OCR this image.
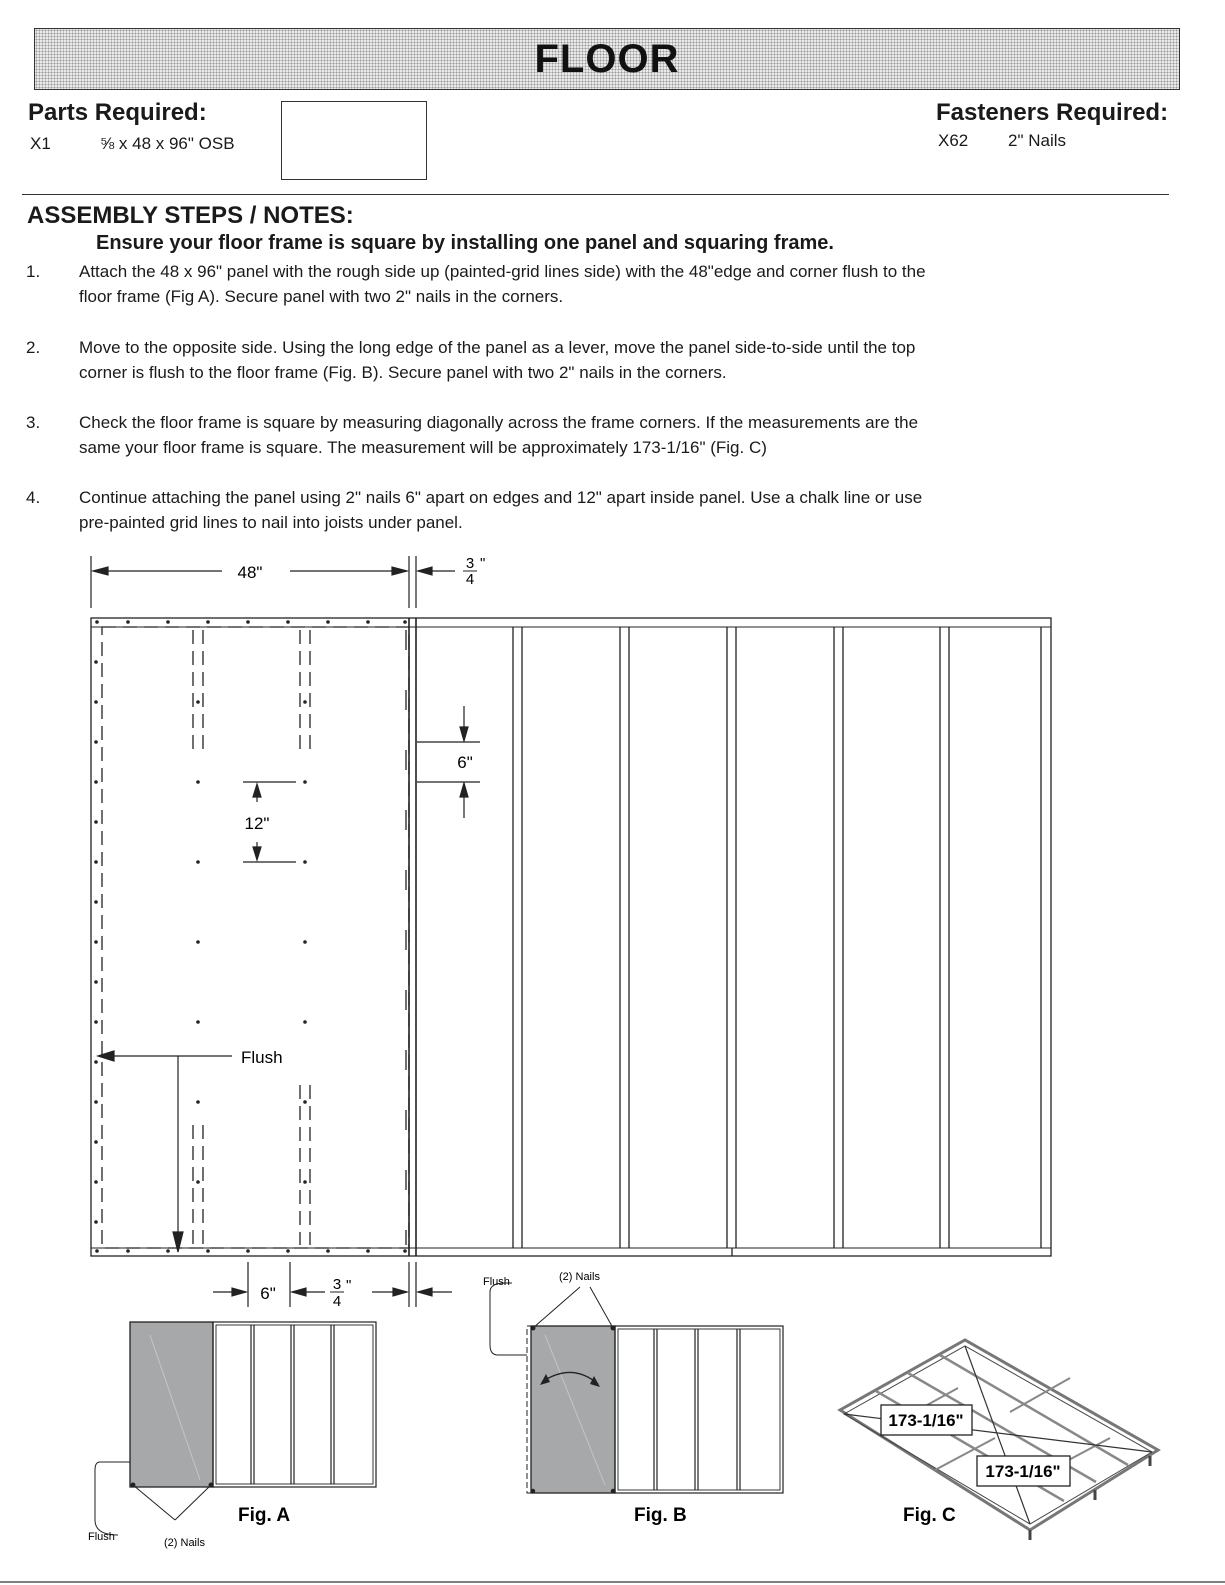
FLOOR
Parts Required:
X1	⅝ x 48 x 96" OSB
Fasteners Required:
X62 2" Nails
ASSEMBLY STEPS / NOTES:
Ensure your floor frame is square by installing one panel and squaring frame.
1. Attach the 48 x 96" panel with the rough side up (painted-grid lines side) with the 48"edge and corner flush to the
floor frame (Fig A). Secure panel with two 2" nails in the corners.
2. Move to the opposite side. Using the long edge of the panel as a lever, move the panel side-to-side until the top
corner is flush to the floor frame (Fig. B). Secure panel with two 2" nails in the corners.
3. Check the floor frame is square by measuring diagonally across the frame corners. If the measurements are the
same your floor frame is square. The measurement will be approximately 173-1/16" (Fig. C)
4. Continue attaching the panel using 2" nails 6" apart on edges and 12" apart inside panel. Use a chalk line or use
pre-painted grid lines to nail into joists under panel.
48"	3
4
"
6"
12"
Flush
6"	3
4
"
Flush	(2) Nails
Flush	(2) Nails
173-1/16"
173-1/16"
Fig. A	Fig. B	Fig. C
